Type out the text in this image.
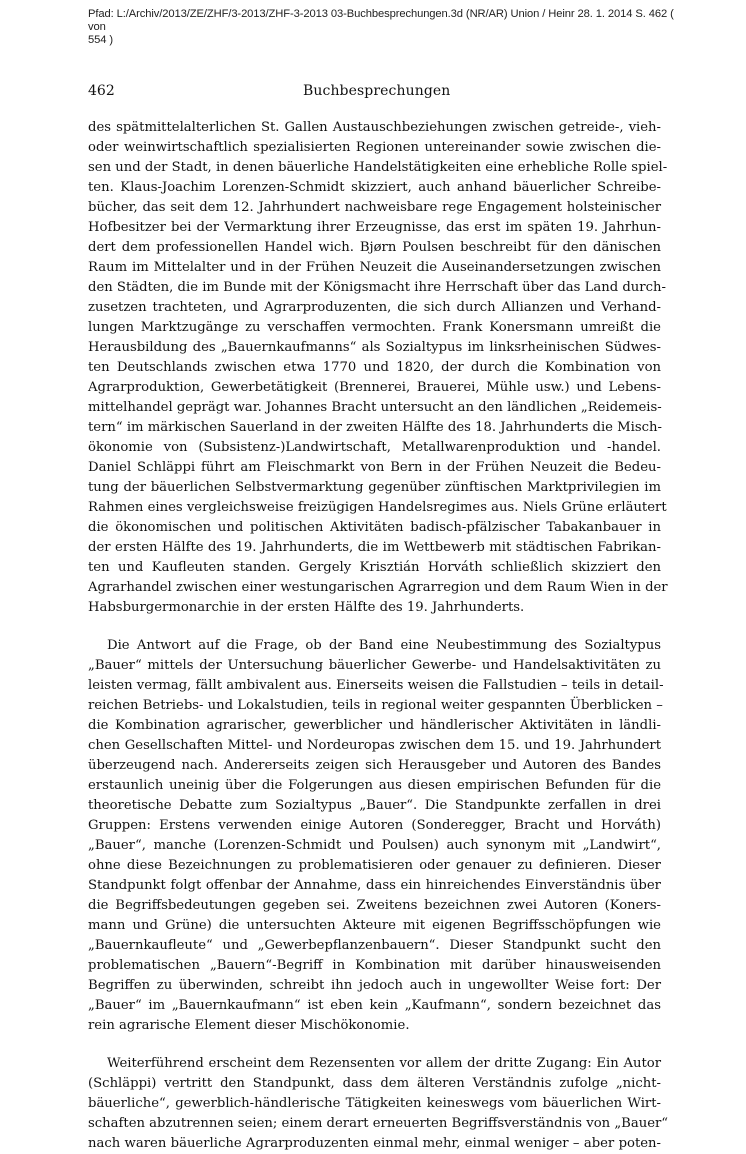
Pfad: L:/Archiv/2013/ZE/ZHF/3-2013/ZHF-3-2013 03-Buchbesprechungen.3d (NR/AR) Union / Heinr 28. 1. 2014 S. 462 ( von
554 )
462	Buchbesprechungen
des spätmittelalterlichen St. Gallen Austauschbeziehungen zwischen getreide-, vieh-
oder weinwirtschaftlich spezialisierten Regionen untereinander sowie zwischen die-
sen und der Stadt, in denen bäuerliche Handelstätigkeiten eine erhebliche Rolle spiel-
ten. Klaus-Joachim Lorenzen-Schmidt skizziert, auch anhand bäuerlicher Schreibe-
bücher, das seit dem 12. Jahrhundert nachweisbare rege Engagement holsteinischer
Hofbesitzer bei der Vermarktung ihrer Erzeugnisse, das erst im späten 19. Jahrhun-
dert dem professionellen Handel wich. Bjørn Poulsen beschreibt für den dänischen
Raum im Mittelalter und in der Frühen Neuzeit die Auseinandersetzungen zwischen
den Städten, die im Bunde mit der Königsmacht ihre Herrschaft über das Land durch-
zusetzen trachteten, und Agrarproduzenten, die sich durch Allianzen und Verhand-
lungen Marktzugänge zu verschaffen vermochten. Frank Konersmann umreißt die
Herausbildung des „Bauernkaufmanns“ als Sozialtypus im linksrheinischen Südwes-
ten Deutschlands zwischen etwa 1770 und 1820, der durch die Kombination von
Agrarproduktion, Gewerbetätigkeit (Brennerei, Brauerei, Mühle usw.) und Lebens-
mittelhandel geprägt war. Johannes Bracht untersucht an den ländlichen „Reidemeis-
tern“ im märkischen Sauerland in der zweiten Hälfte des 18. Jahrhunderts die Misch-
ökonomie von (Subsistenz-)Landwirtschaft, Metallwarenproduktion und -handel.
Daniel Schläppi führt am Fleischmarkt von Bern in der Frühen Neuzeit die Bedeu-
tung der bäuerlichen Selbstvermarktung gegenüber zünftischen Marktprivilegien im
Rahmen eines vergleichsweise freizügigen Handelsregimes aus. Niels Grüne erläutert
die ökonomischen und politischen Aktivitäten badisch-pfälzischer Tabakanbauer in
der ersten Hälfte des 19. Jahrhunderts, die im Wettbewerb mit städtischen Fabrikan-
ten und Kaufleuten standen. Gergely Krisztián Horváth schließlich skizziert den
Agrarhandel zwischen einer westungarischen Agrarregion und dem Raum Wien in der
Habsburgermonarchie in der ersten Hälfte des 19. Jahrhunderts.
Die Antwort auf die Frage, ob der Band eine Neubestimmung des Sozialtypus
„Bauer“ mittels der Untersuchung bäuerlicher Gewerbe- und Handelsaktivitäten zu
leisten vermag, fällt ambivalent aus. Einerseits weisen die Fallstudien – teils in detail-
reichen Betriebs- und Lokalstudien, teils in regional weiter gespannten Überblicken –
die Kombination agrarischer, gewerblicher und händlerischer Aktivitäten in ländli-
chen Gesellschaften Mittel- und Nordeuropas zwischen dem 15. und 19. Jahrhundert
überzeugend nach. Andererseits zeigen sich Herausgeber und Autoren des Bandes
erstaunlich uneinig über die Folgerungen aus diesen empirischen Befunden für die
theoretische Debatte zum Sozialtypus „Bauer“. Die Standpunkte zerfallen in drei
Gruppen: Erstens verwenden einige Autoren (Sonderegger, Bracht und Horváth)
„Bauer“, manche (Lorenzen-Schmidt und Poulsen) auch synonym mit „Landwirt“,
ohne diese Bezeichnungen zu problematisieren oder genauer zu definieren. Dieser
Standpunkt folgt offenbar der Annahme, dass ein hinreichendes Einverständnis über
die Begriffsbedeutungen gegeben sei. Zweitens bezeichnen zwei Autoren (Koners-
mann und Grüne) die untersuchten Akteure mit eigenen Begriffsschöpfungen wie
„Bauernkaufleute“ und „Gewerbepflanzenbauern“. Dieser Standpunkt sucht den
problematischen „Bauern“-Begriff in Kombination mit darüber hinausweisenden
Begriffen zu überwinden, schreibt ihn jedoch auch in ungewollter Weise fort: Der
„Bauer“ im „Bauernkaufmann“ ist eben kein „Kaufmann“, sondern bezeichnet das
rein agrarische Element dieser Mischökonomie.
Weiterführend erscheint dem Rezensenten vor allem der dritte Zugang: Ein Autor
(Schläppi) vertritt den Standpunkt, dass dem älteren Verständnis zufolge „nicht-
bäuerliche“, gewerblich-händlerische Tätigkeiten keineswegs vom bäuerlichen Wirt-
schaften abzutrennen seien; einem derart erneuerten Begriffsverständnis von „Bauer“
nach waren bäuerliche Agrarproduzenten einmal mehr, einmal weniger – aber poten-
